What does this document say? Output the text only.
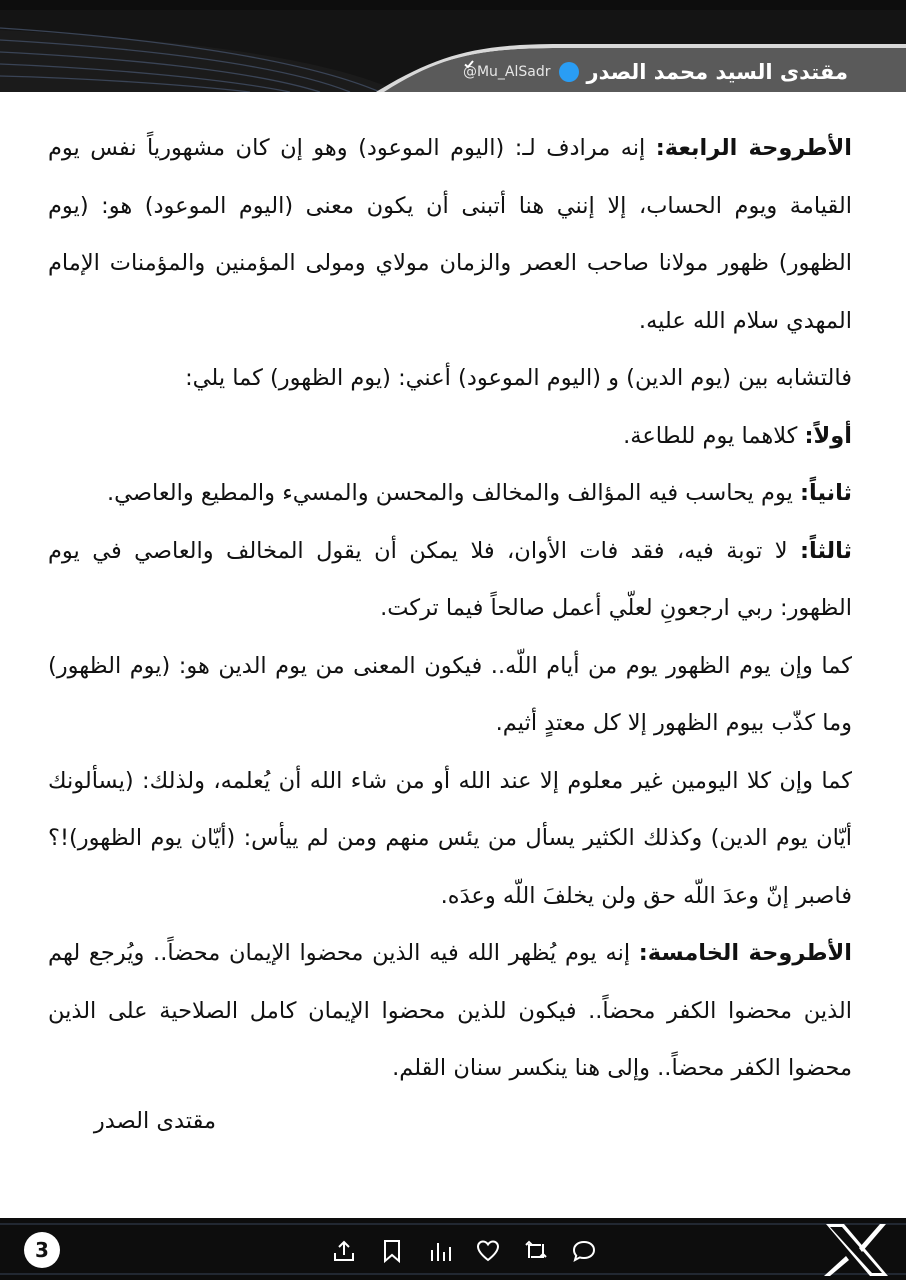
مقتدى السيد محمد الصدر
@Mu_AlSadr

الأطروحة الرابعة: إنه مرادف لـ: (اليوم الموعود) وهو إن كان مشهورياً نفس يوم القيامة ويوم الحساب، إلا إنني هنا أتبنى أن يكون معنى (اليوم الموعود) هو: (يوم الظهور) ظهور مولانا صاحب العصر والزمان مولاي ومولى المؤمنين والمؤمنات الإمام المهدي سلام الله عليه.

فالتشابه بين (يوم الدين) و (اليوم الموعود) أعني: (يوم الظهور) كما يلي:

أولاً: كلاهما يوم للطاعة.

ثانياً: يوم يحاسب فيه المؤالف والمخالف والمحسن والمسيء والمطيع والعاصي.

ثالثاً: لا توبة فيه، فقد فات الأوان، فلا يمكن أن يقول المخالف والعاصي في يوم الظهور: ربي ارجعونِ لعلّي أعمل صالحاً فيما تركت.

كما وإن يوم الظهور يوم من أيام اللّه.. فيكون المعنى من يوم الدين هو: (يوم الظهور) وما كذّب بيوم الظهور إلا كل معتدٍ أثيم.

كما وإن كلا اليومين غير معلوم إلا عند الله أو من شاء الله أن يُعلمه، ولذلك: (يسألونك أيّان يوم الدين) وكذلك الكثير يسأل من يئس منهم ومن لم ييأس: (أيّان يوم الظهور)!؟ فاصبر إنّ وعدَ اللّه حق ولن يخلفَ اللّه وعدَه.

الأطروحة الخامسة: إنه يوم يُظهر الله فيه الذين محضوا الإيمان محضاً.. ويُرجع لهم الذين محضوا الكفر محضاً.. فيكون للذين محضوا الإيمان كامل الصلاحية على الذين محضوا الكفر محضاً.. وإلى هنا ينكسر سنان القلم.

مقتدى الصدر
3
